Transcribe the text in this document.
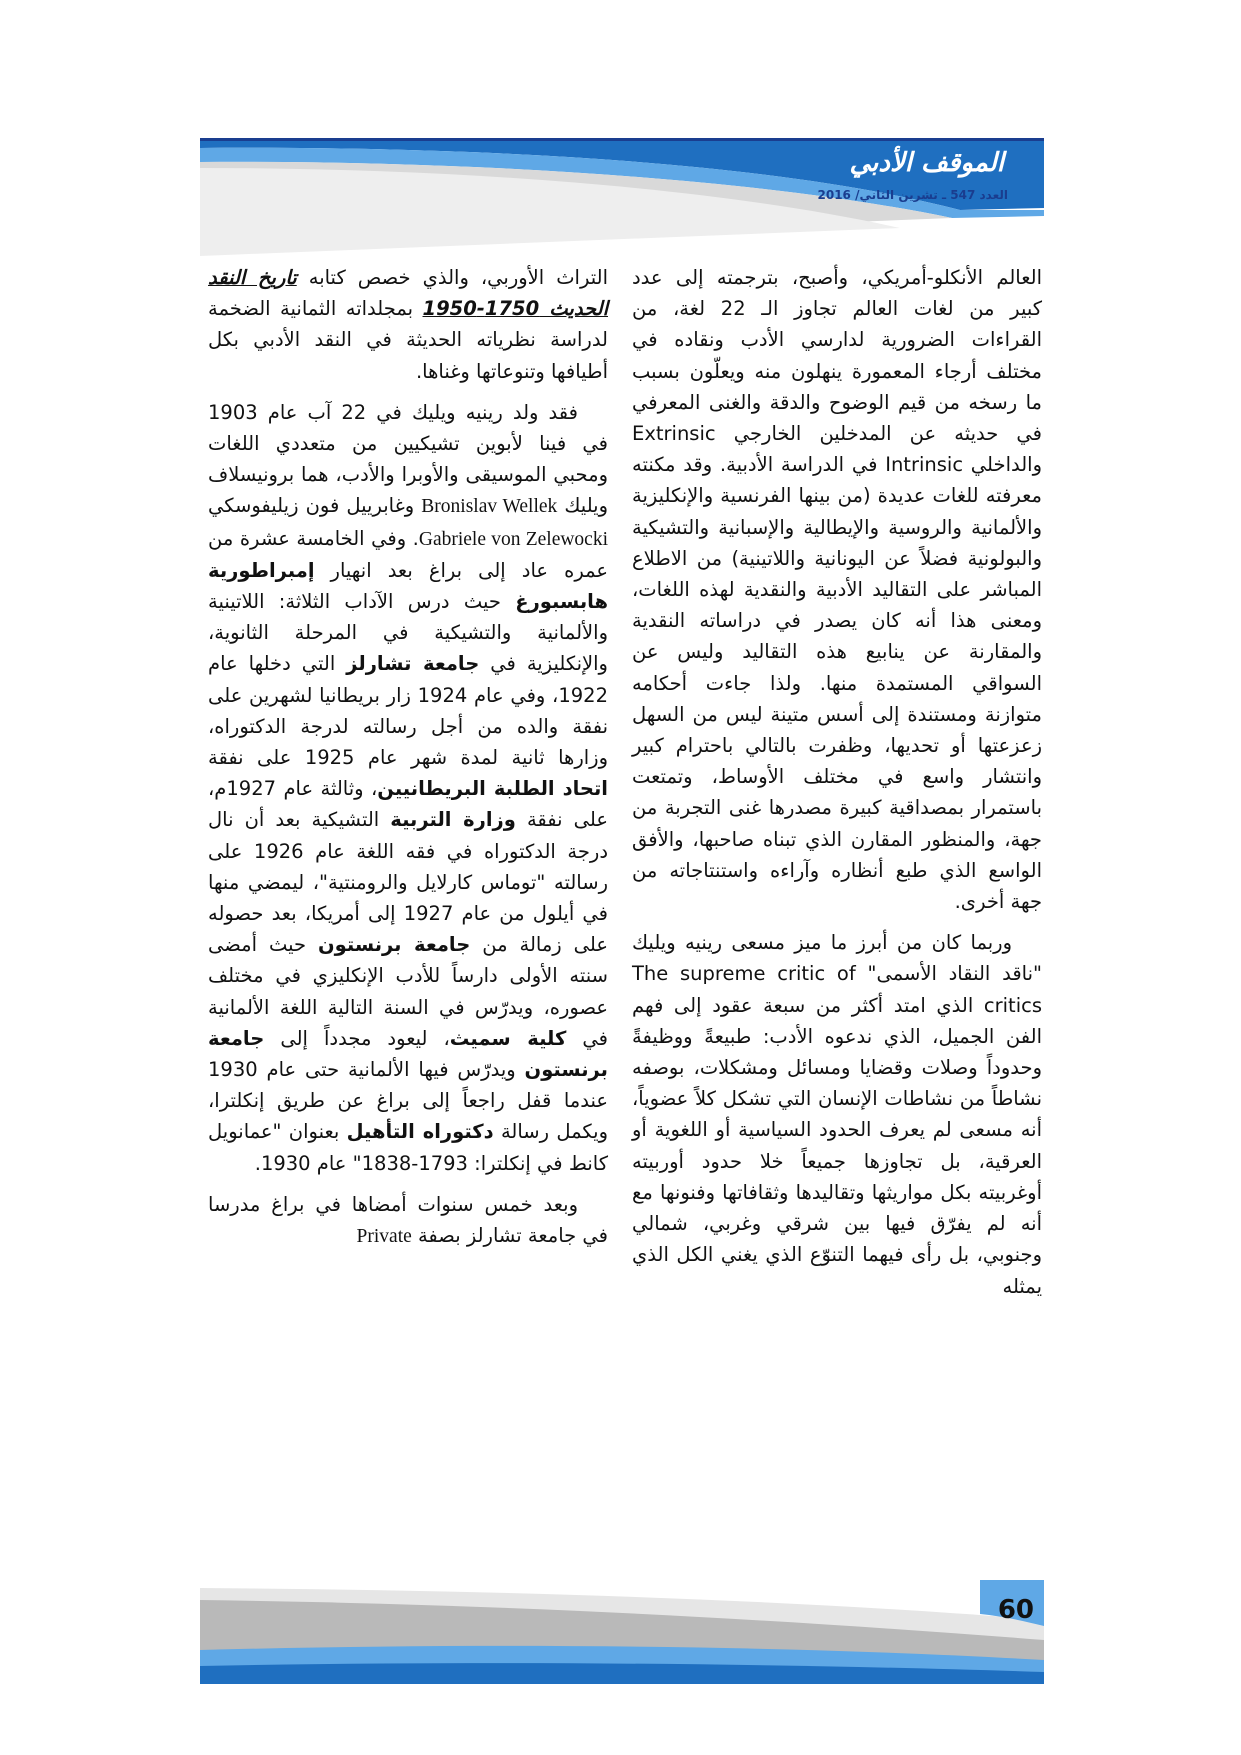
الموقف الأدبي
العدد 547 ـ تشرين الثاني/ 2016

العالم الأنكلو-أمريكي، وأصبح، بترجمته إلى عدد كبير من لغات العالم تجاوز الـ 22 لغة، من القراءات الضرورية لدارسي الأدب ونقاده في مختلف أرجاء المعمورة ينهلون منه ويعلّون بسبب ما رسخه من قيم الوضوح والدقة والغنى المعرفي في حديثه عن المدخلين الخارجي Extrinsic والداخلي Intrinsic في الدراسة الأدبية. وقد مكنته معرفته للغات عديدة (من بينها الفرنسية والإنكليزية والألمانية والروسية والإيطالية والإسبانية والتشيكية والبولونية فضلاً عن اليونانية واللاتينية) من الاطلاع المباشر على التقاليد الأدبية والنقدية لهذه اللغات، ومعنى هذا أنه كان يصدر في دراساته النقدية والمقارنة عن ينابيع هذه التقاليد وليس عن السواقي المستمدة منها. ولذا جاءت أحكامه متوازنة ومستندة إلى أسس متينة ليس من السهل زعزعتها أو تحديها، وظفرت بالتالي باحترام كبير وانتشار واسع في مختلف الأوساط، وتمتعت باستمرار بمصداقية كبيرة مصدرها غنى التجربة من جهة، والمنظور المقارن الذي تبناه صاحبها، والأفق الواسع الذي طبع أنظاره وآراءه واستنتاجاته من جهة أخرى.

وربما كان من أبرز ما ميز مسعى رينيه ويليك "ناقد النقاد الأسمى" The supreme critic of critics الذي امتد أكثر من سبعة عقود إلى فهم الفن الجميل، الذي ندعوه الأدب: طبيعةً ووظيفةً وحدوداً وصلات وقضايا ومسائل ومشكلات، بوصفه نشاطاً من نشاطات الإنسان التي تشكل كلاً عضوياً، أنه مسعى لم يعرف الحدود السياسية أو اللغوية أو العرقية، بل تجاوزها جميعاً خلا حدود أوربيته أوغربيته بكل مواريثها وتقاليدها وثقافاتها وفنونها مع أنه لم يفرّق فيها بين شرقي وغربي، شمالي وجنوبي، بل رأى فيهما التنوّع الذي يغني الكل الذي يمثله

التراث الأوربي، والذي خصص كتابه تاريخ النقد الحديث 1750-1950 بمجلداته الثمانية الضخمة لدراسة نظرياته الحديثة في النقد الأدبي بكل أطيافها وتنوعاتها وغناها.

فقد ولد رينيه ويليك في 22 آب عام 1903 في فينا لأبوين تشيكيين من متعددي اللغات ومحبي الموسيقى والأوبرا والأدب، هما برونيسلاف ويليك Bronislav Wellek وغابرييل فون زيليفوسكي Gabriele von Zelewocki. وفي الخامسة عشرة من عمره عاد إلى براغ بعد انهيار إمبراطورية هابسبورغ حيث درس الآداب الثلاثة: اللاتينية والألمانية والتشيكية في المرحلة الثانوية، والإنكليزية في جامعة تشارلز التي دخلها عام 1922، وفي عام 1924 زار بريطانيا لشهرين على نفقة والده من أجل رسالته لدرجة الدكتوراه، وزارها ثانية لمدة شهر عام 1925 على نفقة اتحاد الطلبة البريطانيين، وثالثة عام 1927م، على نفقة وزارة التربية التشيكية بعد أن نال درجة الدكتوراه في فقه اللغة عام 1926 على رسالته "توماس كارلايل والرومنتية"، ليمضي منها في أيلول من عام 1927 إلى أمريكا، بعد حصوله على زمالة من جامعة برنستون حيث أمضى سنته الأولى دارساً للأدب الإنكليزي في مختلف عصوره، ويدرّس في السنة التالية اللغة الألمانية في كلية سميث، ليعود مجدداً إلى جامعة برنستون ويدرّس فيها الألمانية حتى عام 1930 عندما قفل راجعاً إلى براغ عن طريق إنكلترا، ويكمل رسالة دكتوراه التأهيل بعنوان "عمانويل كانط في إنكلترا: 1793-1838" عام 1930.

وبعد خمس سنوات أمضاها في براغ مدرسا في جامعة تشارلز بصفة Private

60
